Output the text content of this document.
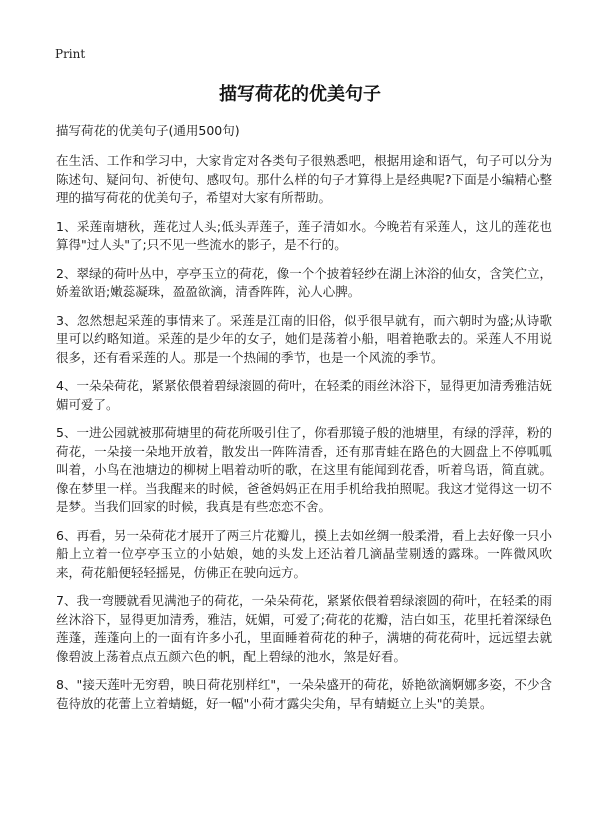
Print
描写荷花的优美句子

描写荷花的优美句子(通用500句)

在生活、工作和学习中，大家肯定对各类句子很熟悉吧，根据用途和语气，句子可以分为陈述句、疑问句、祈使句、感叹句。那什么样的句子才算得上是经典呢?下面是小编精心整理的描写荷花的优美句子，希望对大家有所帮助。

1、采莲南塘秋，莲花过人头;低头弄莲子，莲子清如水。今晚若有采莲人，这儿的莲花也算得"过人头"了;只不见一些流水的影子，是不行的。

2、翠绿的荷叶丛中，亭亭玉立的荷花，像一个个披着轻纱在湖上沐浴的仙女，含笑伫立，娇羞欲语;嫩蕊凝珠，盈盈欲滴，清香阵阵，沁人心脾。

3、忽然想起采莲的事情来了。采莲是江南的旧俗，似乎很早就有，而六朝时为盛;从诗歌里可以约略知道。采莲的是少年的女子，她们是荡着小船，唱着艳歌去的。采莲人不用说很多，还有看采莲的人。那是一个热闹的季节，也是一个风流的季节。

4、一朵朵荷花，紧紧依偎着碧绿滚圆的荷叶，在轻柔的雨丝沐浴下，显得更加清秀雅洁妩媚可爱了。

5、一进公园就被那荷塘里的荷花所吸引住了，你看那镜子般的池塘里，有绿的浮萍，粉的荷花，一朵接一朵地开放着，散发出一阵阵清香，还有那青蛙在路色的大圆盘上不停呱呱叫着，小鸟在池塘边的柳树上唱着动听的歌，在这里有能闻到花香，听着鸟语，简直就。像在梦里一样。当我醒来的时候，爸爸妈妈正在用手机给我拍照呢。我这才觉得这一切不是梦。当我们回家的时候，我真是有些恋恋不舍。

6、再看，另一朵荷花才展开了两三片花瓣儿，摸上去如丝绸一般柔滑，看上去好像一只小船上立着一位亭亭玉立的小姑娘，她的头发上还沾着几滴晶莹剔透的露珠。一阵微风吹来，荷花船便轻轻摇晃，仿佛正在驶向远方。

7、我一弯腰就看见满池子的荷花，一朵朵荷花，紧紧依偎着碧绿滚圆的荷叶，在轻柔的雨丝沐浴下，显得更加清秀，雅洁，妩媚，可爱了;荷花的花瓣，洁白如玉，花里托着深绿色莲蓬，莲蓬向上的一面有许多小孔，里面睡着荷花的种子，满塘的荷花荷叶，远远望去就像碧波上荡着点点五颜六色的帆，配上碧绿的池水，煞是好看。

8、"接天莲叶无穷碧，映日荷花别样红"，一朵朵盛开的荷花，娇艳欲滴婀娜多姿，不少含苞待放的花蕾上立着蜻蜓，好一幅"小荷才露尖尖角，早有蜻蜓立上头"的美景。
